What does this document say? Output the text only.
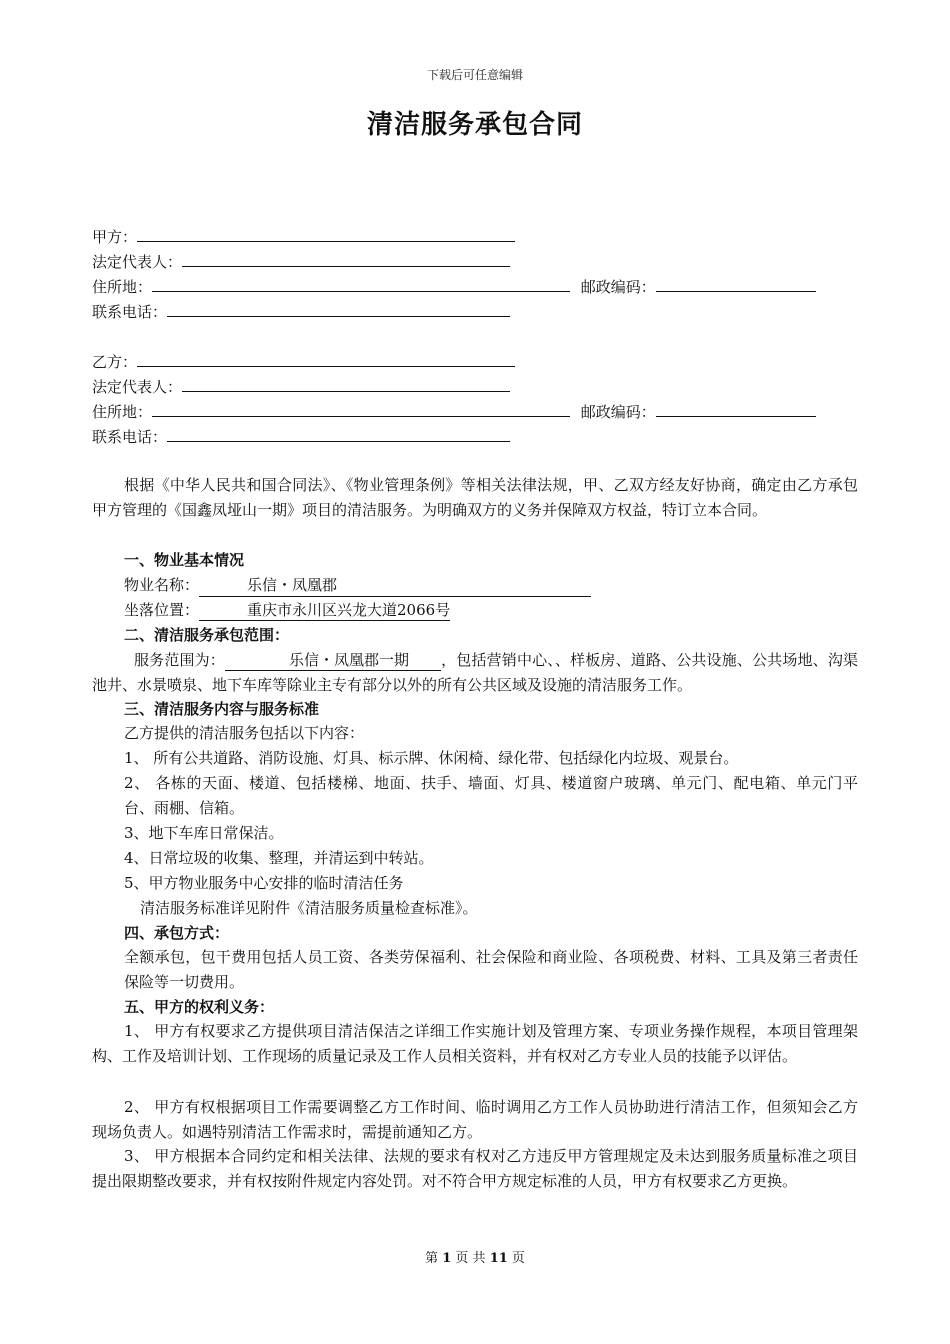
下载后可任意编辑
清洁服务承包合同
甲方：
法定代表人：
住所地：	邮政编码：
联系电话：
乙方：
法定代表人：
住所地：	邮政编码：
联系电话：
根据《中华人民共和国合同法》、《物业管理条例》等相关法律法规，甲、乙双方经友好协商，确定由乙方承包甲方管理的《国鑫凤垭山一期》项目的清洁服务。为明确双方的义务并保障双方权益，特订立本合同。
一、物业基本情况
物业名称：	乐信・凤凰郡
坐落位置：	重庆市永川区兴龙大道2066号
二、清洁服务承包范围：
服务范围为：	乐信・凤凰郡一期 ，包括营销中心、、样板房、道路、公共设施、公共场地、沟渠池井、水景喷泉、地下车库等除业主专有部分以外的所有公共区域及设施的清洁服务工作。
三、清洁服务内容与服务标准
乙方提供的清洁服务包括以下内容：
1、 所有公共道路、消防设施、灯具、标示牌、休闲椅、绿化带、包括绿化内垃圾、观景台。
2、 各栋的天面、楼道、包括楼梯、地面、扶手、墙面、灯具、楼道窗户玻璃、单元门、配电箱、单元门平台、雨棚、信箱。
3、地下车库日常保洁。
4、日常垃圾的收集、整理，并清运到中转站。
5、甲方物业服务中心安排的临时清洁任务
清洁服务标准详见附件《清洁服务质量检查标准》。
四、承包方式：
全额承包，包干费用包括人员工资、各类劳保福利、社会保险和商业险、各项税费、材料、工具及第三者责任保险等一切费用。
五、甲方的权利义务：
1、 甲方有权要求乙方提供项目清洁保洁之详细工作实施计划及管理方案、专项业务操作规程，本项目管理架构、工作及培训计划、工作现场的质量记录及工作人员相关资料，并有权对乙方专业人员的技能予以评估。
2、 甲方有权根据项目工作需要调整乙方工作时间、临时调用乙方工作人员协助进行清洁工作，但须知会乙方现场负责人。如遇特别清洁工作需求时，需提前通知乙方。
3、 甲方根据本合同约定和相关法律、法规的要求有权对乙方违反甲方管理规定及未达到服务质量标准之项目提出限期整改要求，并有权按附件规定内容处罚。对不符合甲方规定标准的人员，甲方有权要求乙方更换。
第 1 页 共 11 页
